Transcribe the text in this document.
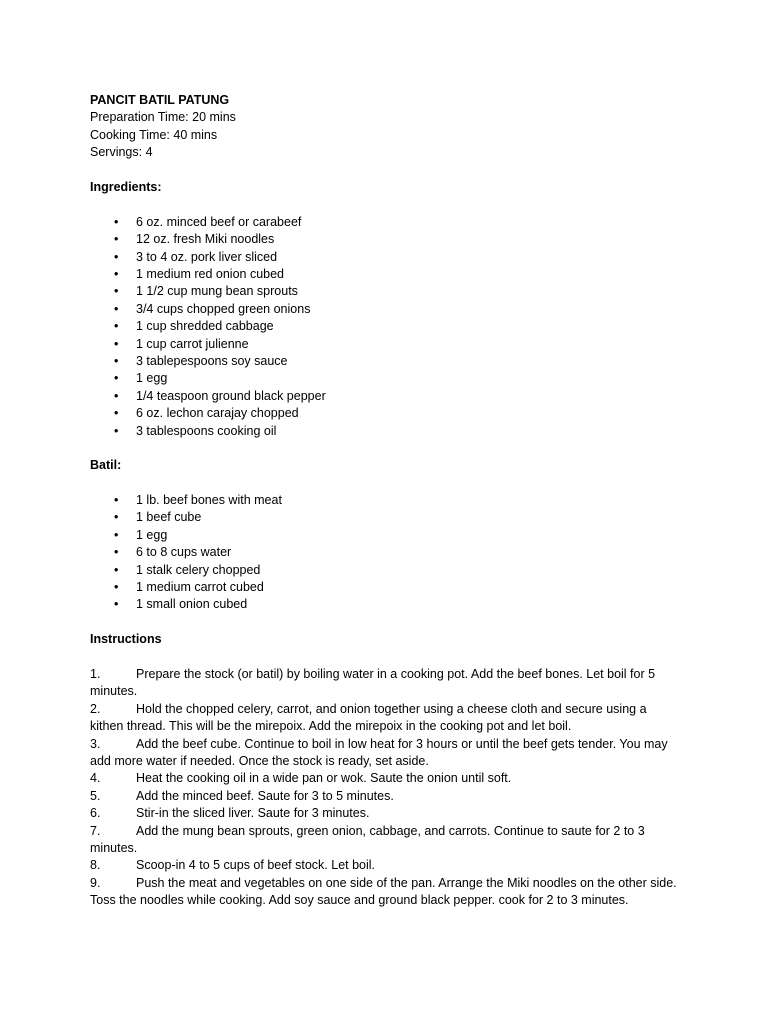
PANCIT BATIL PATUNG
Preparation Time: 20 mins
Cooking Time: 40 mins
Servings: 4
Ingredients:
• 6 oz. minced beef or carabeef
• 12 oz. fresh Miki noodles
• 3 to 4 oz. pork liver sliced
• 1 medium red onion cubed
• 1 1/2 cup mung bean sprouts
• 3/4 cups chopped green onions
• 1 cup shredded cabbage
• 1 cup carrot julienne
• 3 tablepespoons soy sauce
• 1 egg
• 1/4 teaspoon ground black pepper
• 6 oz. lechon carajay chopped
• 3 tablespoons cooking oil
Batil:
• 1 lb. beef bones with meat
• 1 beef cube
• 1 egg
• 6 to 8 cups water
• 1 stalk celery chopped
• 1 medium carrot cubed
• 1 small onion cubed
Instructions
1.	Prepare the stock (or batil) by boiling water in a cooking pot. Add the beef bones. Let boil for 5 minutes.
2.	Hold the chopped celery, carrot, and onion together using a cheese cloth and secure using a kithen thread. This will be the mirepoix. Add the mirepoix in the cooking pot and let boil.
3.	Add the beef cube. Continue to boil in low heat for 3 hours or until the beef gets tender. You may add more water if needed. Once the stock is ready, set aside.
4.	Heat the cooking oil in a wide pan or wok. Saute the onion until soft.
5.	Add the minced beef. Saute for 3 to 5 minutes.
6.	Stir-in the sliced liver. Saute for 3 minutes.
7.	Add the mung bean sprouts, green onion, cabbage, and carrots. Continue to saute for 2 to 3 minutes.
8.	Scoop-in 4 to 5 cups of beef stock. Let boil.
9.	Push the meat and vegetables on one side of the pan. Arrange the Miki noodles on the other side. Toss the noodles while cooking. Add soy sauce and ground black pepper. cook for 2 to 3 minutes.
